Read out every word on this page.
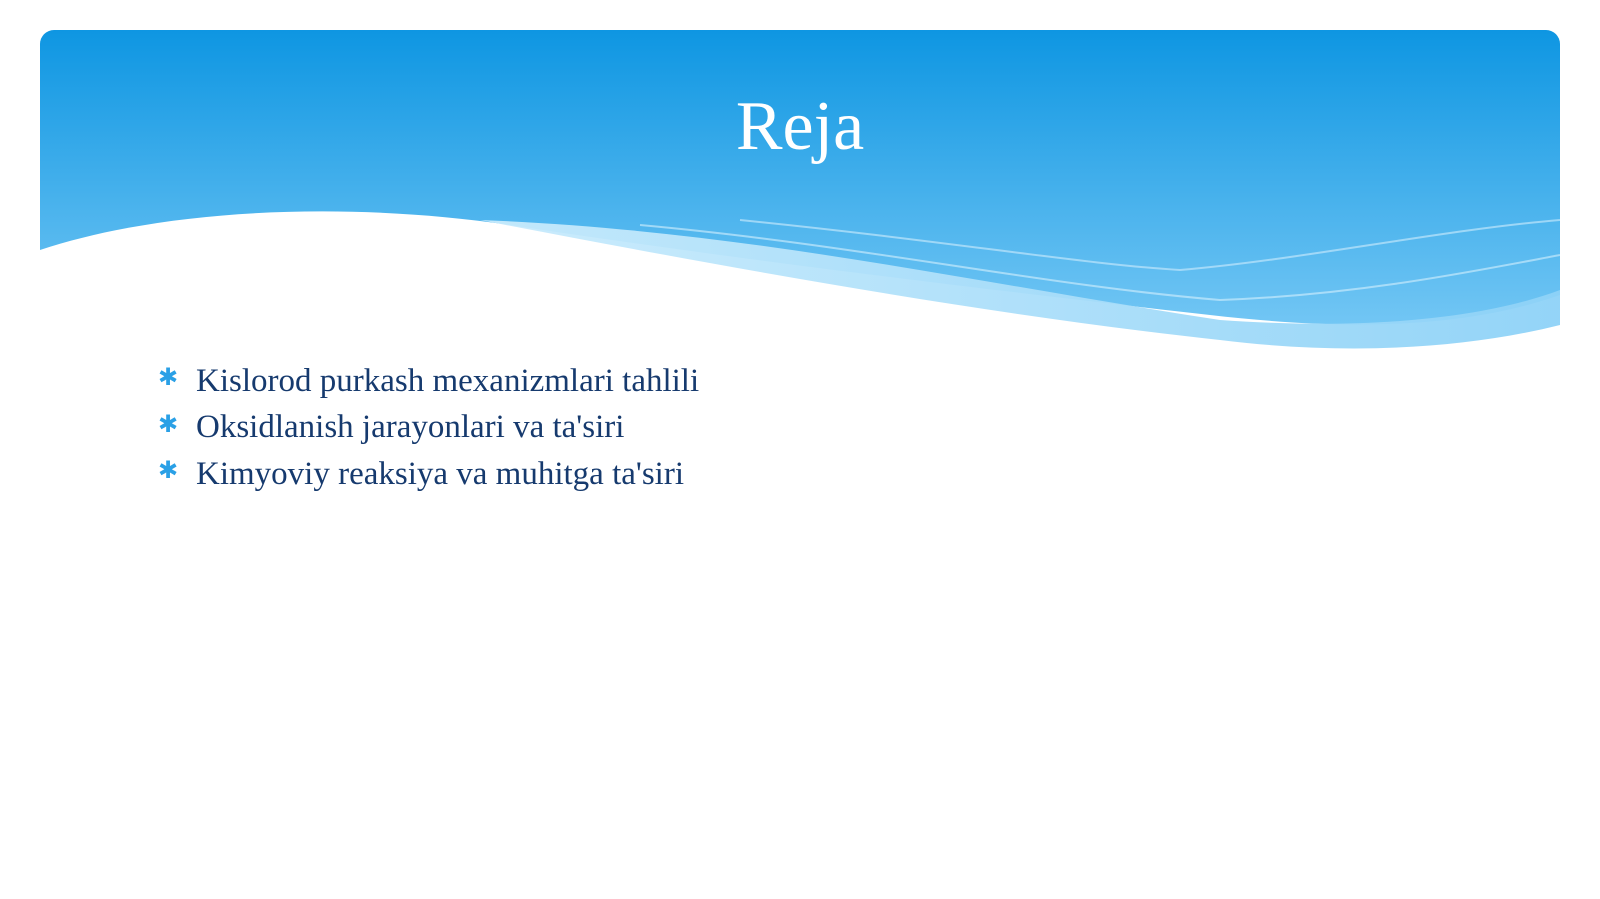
Reja
✱ Kislorod purkash mexanizmlari tahlili
✱ Oksidlanish jarayonlari va ta'siri
✱ Kimyoviy reaksiya va muhitga ta'siri
